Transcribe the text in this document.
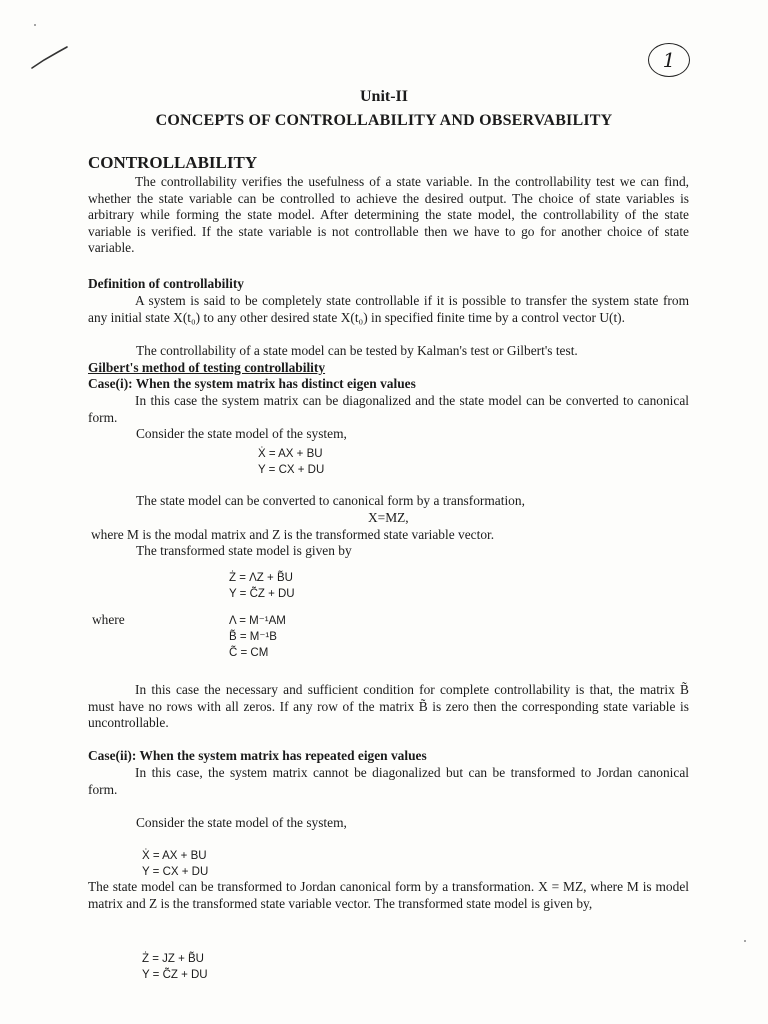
1
Unit-II
CONCEPTS OF CONTROLLABILITY AND OBSERVABILITY
CONTROLLABILITY
The controllability verifies the usefulness of a state variable. In the controllability test we can find, whether the state variable can be controlled to achieve the desired output. The choice of state variables is arbitrary while forming the state model. After determining the state model, the controllability of the state variable is verified. If the state variable is not controllable then we have to go for another choice of state variable.
Definition of controllability
A system is said to be completely state controllable if it is possible to transfer the system state from any initial state X(t₀) to any other desired state X(t₀) in specified finite time by a control vector U(t).
The controllability of a state model can be tested by Kalman's test or Gilbert's test.
Gilbert's method of testing controllability
Case(i): When the system matrix has distinct eigen values
In this case the system matrix can be diagonalized and the state model can be converted to canonical form.
Consider the state model of the system,
Ẋ = AX + BU
Y = CX + DU
The state model can be converted to canonical form by a transformation,
X=MZ,
where M is the modal matrix and Z is the transformed state variable vector.
The transformed state model is given by
Ż = ΛZ + B̃U
Y = C̃Z + DU
where	Λ = M⁻¹AM
B̃ = M⁻¹B
C̃ = CM
In this case the necessary and sufficient condition for complete controllability is that, the matrix B̃ must have no rows with all zeros. If any row of the matrix B̃ is zero then the corresponding state variable is uncontrollable.
Case(ii): When the system matrix has repeated eigen values
In this case, the system matrix cannot be diagonalized but can be transformed to Jordan canonical form.
Consider the state model of the system,
Ẋ = AX + BU
Y = CX + DU
The state model can be transformed to Jordan canonical form by a transformation. X = MZ, where M is model matrix and Z is the transformed state variable vector. The transformed state model is given by,
Ż = JZ + B̃U
Y = C̃Z + DU
